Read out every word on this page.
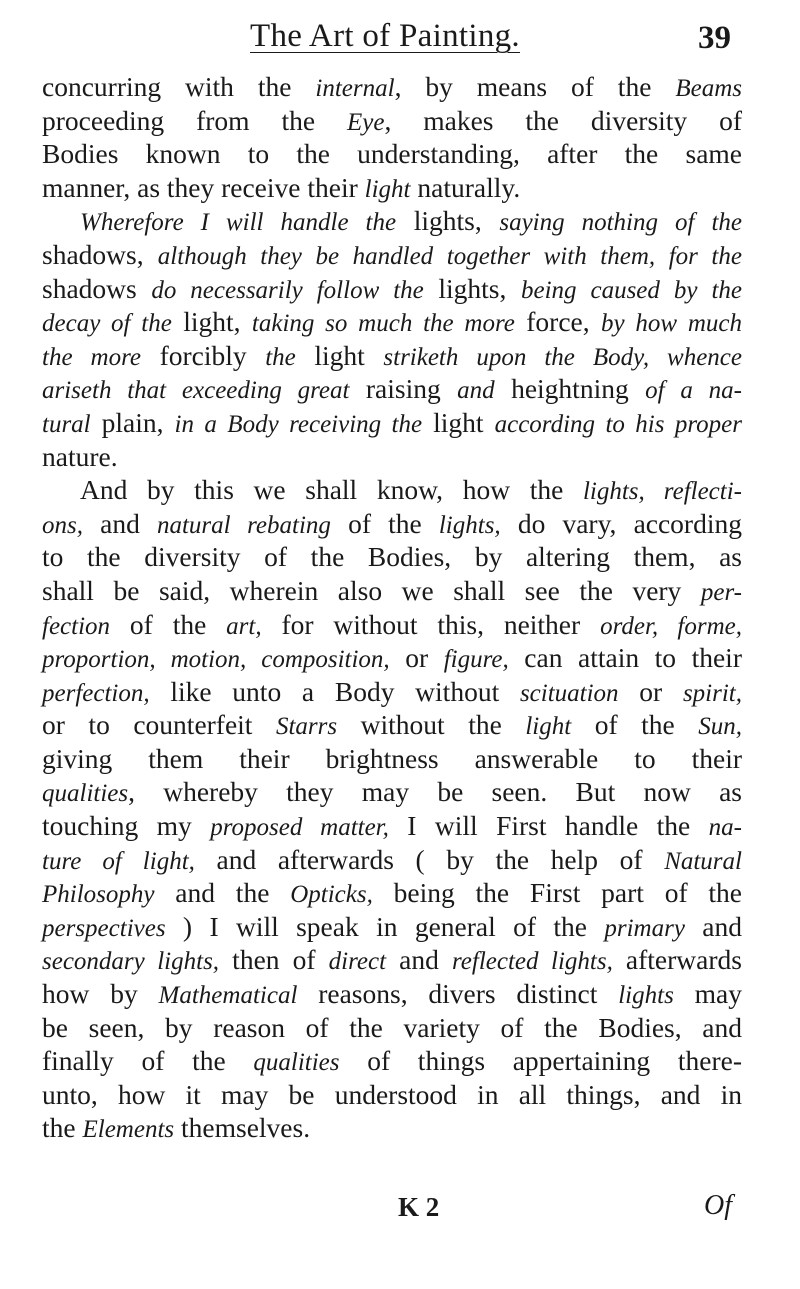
The Art of Painting.	39
concurring with the internal, by means of the Beams
proceeding from the Eye, makes the diversity of
Bodies known to the understanding, after the same
manner, as they receive their light naturally.
Wherefore I will handle the lights, saying nothing of the
shadows, although they be handled together with them, for the
shadows do necessarily follow the lights, being caused by the
decay of the light, taking so much the more force, by how much
the more forcibly the light striketh upon the Body, whence
ariseth that exceeding great raising and heightning of a na-
tural plain, in a Body receiving the light according to his proper
nature.
And by this we shall know, how the lights, reflecti-
ons, and natural rebating of the lights, do vary, according
to the diversity of the Bodies, by altering them, as
shall be said, wherein also we shall see the very per-
fection of the art, for without this, neither order, forme,
proportion, motion, composition, or figure, can attain to their
perfection, like unto a Body without scituation or spirit,
or to counterfeit Starrs without the light of the Sun,
giving them their brightness answerable to their
qualities, whereby they may be seen. But now as
touching my proposed matter, I will First handle the na-
ture of light, and afterwards ( by the help of Natural
Philosophy and the Opticks, being the First part of the
perspectives ) I will speak in general of the primary and
secondary lights, then of direct and reflected lights, afterwards
how by Mathematical reasons, divers distinct lights may
be seen, by reason of the variety of the Bodies, and
finally of the qualities of things appertaining there-
unto, how it may be understood in all things, and in
the Elements themselves.
K 2	Of
